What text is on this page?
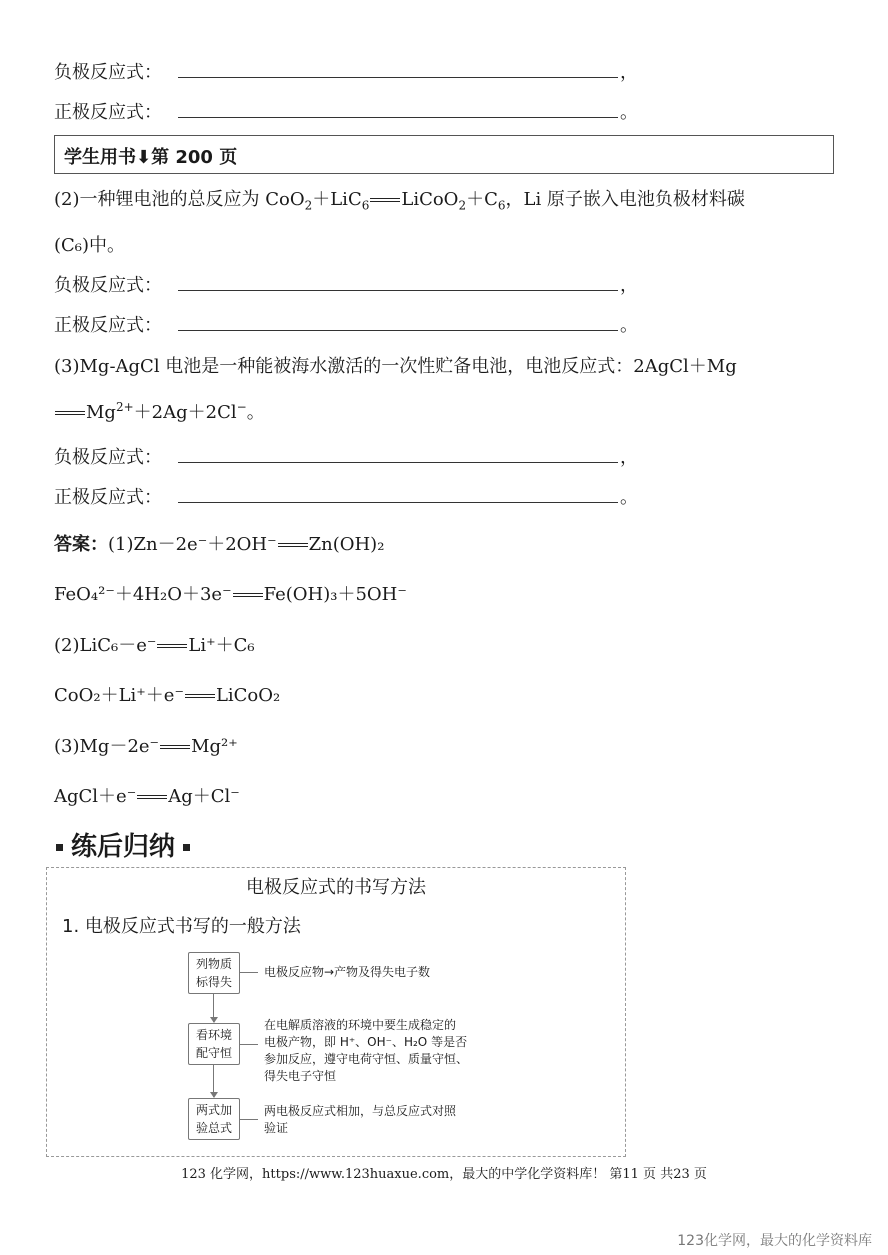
负极反应式：	，
正极反应式：	。
学生用书⬇第 200 页
(2)一种锂电池的总反应为 CoO$_2$＋LiC$_6$ $LiCoO_2+C_6$，Li 原子嵌入电池负极材料碳
(C₆)中。
负极反应式：	，
正极反应式：	。
(3)Mg-AgCl 电池是一种能被海水激活的一次性贮备电池，电池反应式：2AgCl＋Mg
$Mg^{2+}+2Ag+2Cl^-$。
负极反应式：	，
正极反应式：	。
答案：(1)Zn－2e⁻＋2OH⁻ Zn(OH)₂
FeO₄²⁻＋4H₂O＋3e⁻ Fe(OH)₃＋5OH⁻
(2)LiC₆－e⁻ Li⁺＋C₆
CoO₂＋Li⁺＋e⁻ LiCoO₂
(3)Mg－2e⁻ Mg²⁺
AgCl＋e⁻ Ag＋Cl⁻
练后归纳
电极反应式的书写方法
1. 电极反应式书写的一般方法
列物质
标得失
电极反应物→产物及得失电子数
看环境
配守恒
在电解质溶液的环境中要生成稳定的
电极产物，即 H⁺、OH⁻、H₂O 等是否
参加反应，遵守电荷守恒、质量守恒、
得失电子守恒
两式加
验总式
两电极反应式相加，与总反应式对照
验证
123 化学网，https://www.123huaxue.com，最大的中学化学资料库！ 第11 页 共23 页
123化学网，最大的化学资料库
